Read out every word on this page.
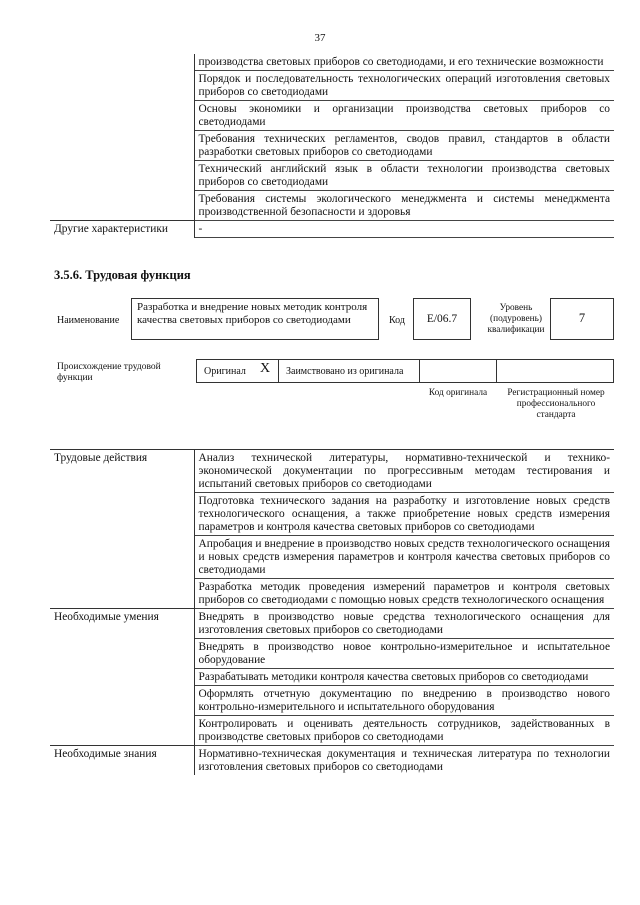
37
	производства световых приборов со светодиодами, и его технические возможности
	Порядок и последовательность технологических операций изготовления световых приборов со светодиодами
	Основы экономики и организации производства световых приборов со светодиодами
	Требования технических регламентов, сводов правил, стандартов в области разработки световых приборов со светодиодами
	Технический английский язык в области технологии производства световых приборов со светодиодами
	Требования системы экологического менеджмента и системы менеджмента производственной безопасности и здоровья
Другие характеристики	-
3.5.6. Трудовая функция
Наименование
Разработка и внедрение новых методик контроля качества световых приборов со светодиодами	Код	E/06.7
Уровень (подуровень) квалификации
7
Происхождение трудовой функции
Оригинал X	Заимствовано из оригинала
Код оригинала	Регистрационный номер профессионального стандарта
Трудовые действия	Анализ технической литературы, нормативно-технической и технико-экономической документации по прогрессивным методам тестирования и испытаний световых приборов со светодиодами
	Подготовка технического задания на разработку и изготовление новых средств технологического оснащения, а также приобретение новых средств измерения параметров и контроля качества световых приборов со светодиодами
	Апробация и внедрение в производство новых средств технологического оснащения и новых средств измерения параметров и контроля качества световых приборов со светодиодами
	Разработка методик проведения измерений параметров и контроля световых приборов со светодиодами с помощью новых средств технологического оснащения
Необходимые умения	Внедрять в производство новые средства технологического оснащения для изготовления световых приборов со светодиодами
	Внедрять в производство новое контрольно-измерительное и испытательное оборудование
	Разрабатывать методики контроля качества световых приборов со светодиодами
	Оформлять отчетную документацию по внедрению в производство нового контрольно-измерительного и испытательного оборудования
	Контролировать и оценивать деятельность сотрудников, задействованных в производстве световых приборов со светодиодами
Необходимые знания	Нормативно-техническая документация и техническая литература по технологии изготовления световых приборов со светодиодами
